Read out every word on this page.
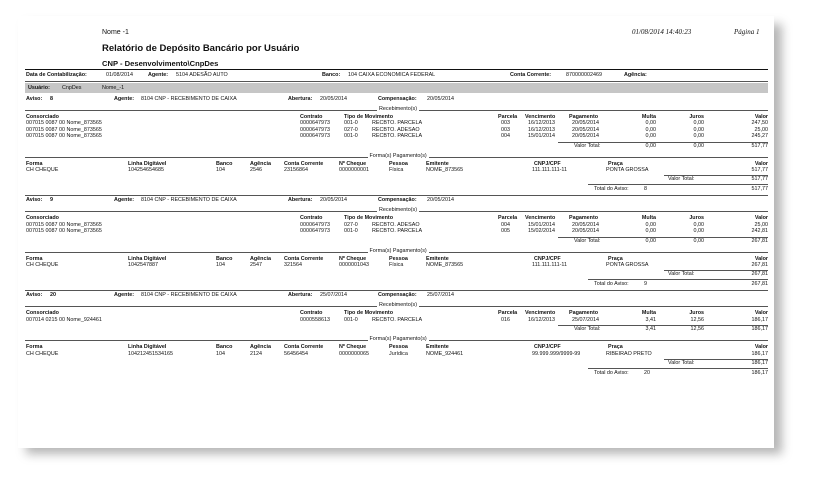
Nome -1	01/08/2014 14:40:23	Página 1
Relatório de Depósito Bancário por Usuário
CNP - Desenvolvimento\CnpDes
Data de Contabilização:	01/08/2014	Agente: 5104 ADESÃO AUTO	Banco: 104 CAIXA ECONOMICA FEDERAL	Conta Corrente:	870000002469	Agência:
Usuário: CnpDes	Nome_-1
Aviso: 8	Agente: 8104 CNP - RECEBIMENTO DE CAIXA	Abertura: 20/05/2014	Compensação: 20/05/2014
Recebimento(s)
Consorciado	Contrato	Tipo de Movimento	Parcela Vencimento	Pagamento	Multa	Juros	Valor
007015 0087 00 Nome_873565	0000647973	001-0	RECBTO. PARCELA	003	16/12/2013	20/05/2014	0,00	0,00	247,50
007015 0087 00 Nome_873565	0000647973	027-0	RECBTO. ADESAO	003	16/12/2013	20/05/2014	0,00	0,00	25,00
007015 0087 00 Nome_873565	0000647973	001-0	RECBTO. PARCELA	004	15/01/2014	20/05/2014	0,00	0,00	245,27
Valor Total:	0,00	0,00	517,77
Forma(s) Pagamento(s)
Forma	Linha Digitável	Banco	Agência Conta Corrente	Nº Cheque	Pessoa	Emitente	CNPJ/CPF	Praça	Valor
CH CHEQUE	104254654685	104	2546	23156864	0000000001	Física	NOME_873565	111.111.111-11	PONTA GROSSA	517,77
Valor Total:	517,77
Total do Aviso:	8	517,77
Aviso: 9	Agente: 8104 CNP - RECEBIMENTO DE CAIXA	Abertura: 20/05/2014	Compensação: 20/05/2014
Recebimento(s)
Consorciado	Contrato	Tipo de Movimento	Parcela Vencimento	Pagamento	Multa	Juros	Valor
007015 0087 00 Nome_873565	0000647973	027-0	RECBTO. ADESAO	004	15/01/2014	20/05/2014	0,00	0,00	25,00
007015 0087 00 Nome_873565	0000647973	001-0	RECBTO. PARCELA	005	15/02/2014	20/05/2014	0,00	0,00	242,81
Valor Total:	0,00	0,00	267,81
Forma(s) Pagamento(s)
Forma	Linha Digitável	Banco	Agência Conta Corrente	Nº Cheque	Pessoa	Emitente	CNPJ/CPF	Praça	Valor
CH CHEQUE	1042547887	104	2547	321564	0000001043	Física	NOME_873565	111.111.111-11	PONTA GROSSA	267,81
Valor Total:	267,81
Total do Aviso:	9	267,81
Aviso: 20	Agente: 8104 CNP - RECEBIMENTO DE CAIXA	Abertura: 25/07/2014	Compensação: 25/07/2014
Recebimento(s)
Consorciado	Contrato	Tipo de Movimento	Parcela Vencimento	Pagamento	Multa	Juros	Valor
007014 0215 00 Nome_924461	0000558613	001-0	RECBTO. PARCELA	016	16/12/2013	25/07/2014	3,41	12,56	186,17
Valor Total:	3,41	12,56	186,17
Forma(s) Pagamento(s)
Forma	Linha Digitável	Banco	Agência Conta Corrente	Nº Cheque	Pessoa	Emitente	CNPJ/CPF	Praça	Valor
CH CHEQUE	104212451534165	104	2124	56456454	0000000065	Jurídica	NOME_924461	99.999.999/9999-99	RIBEIRAO PRETO	186,17
Valor Total:	186,17
Total do Aviso:	20	186,17
